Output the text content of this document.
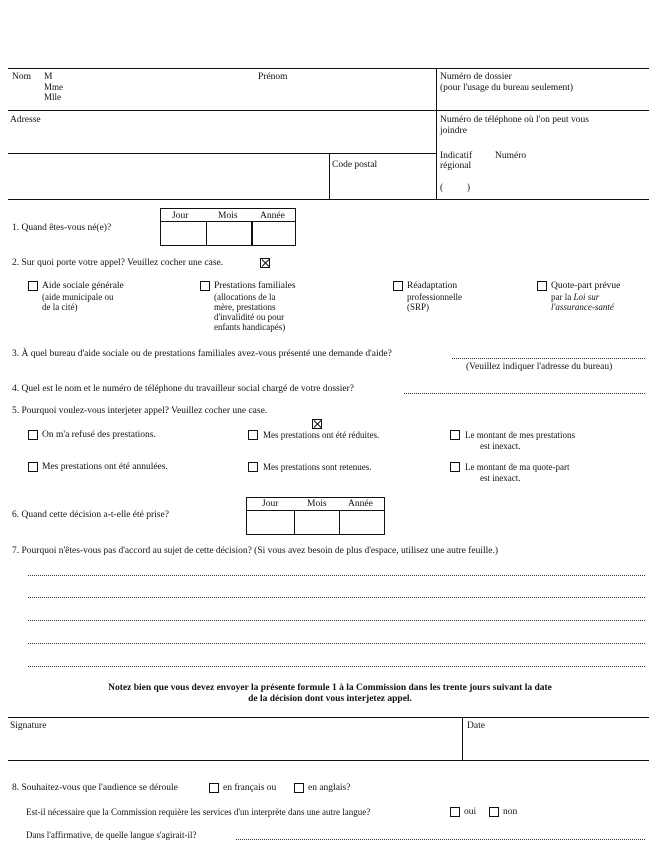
Nom M
Mme
Mlle
Prénom	Numéro de dossier
(pour l'usage du bureau seulement)
Adresse	Numéro de téléphone où l'on peut vous
joindre
Code postal
Indicatif
régional
Numéro
(          )
1. Quand êtes-vous né(e)?
Jour	Mois Année
2. Sur quoi porte votre appel? Veuillez cocher une case.
Aide sociale générale
(aide municipale ou
de la cité)
Prestations familiales
(allocations de la
mère, prestations
d'invalidité ou pour
enfants handicapés)
Réadaptation
professionnelle
(SRP)
Quote-part prévue
par la Loi sur
l'assurance-santé
3. À quel bureau d'aide sociale ou de prestations familiales avez-vous présenté une demande d'aide?
(Veuillez indiquer l'adresse du bureau)
4. Quel est le nom et le numéro de téléphone du travailleur social chargé de votre dossier?
5. Pourquoi voulez-vous interjeter appel? Veuillez cocher une case.
On m'a refusé des prestations.	Mes prestations ont été réduites.	Le montant de mes prestations
est inexact.
Mes prestations ont été annulées.	Mes prestations sont retenues.	Le montant de ma quote-part
est inexact.
6. Quand cette décision a-t-elle été prise?
Jour	Mois Année
7. Pourquoi n'êtes-vous pas d'accord au sujet de cette décision? (Si vous avez besoin de plus d'espace, utilisez une autre feuille.)
Notez bien que vous devez envoyer la présente formule 1 à la Commission dans les trente jours suivant la date
de la décision dont vous interjetez appel.
Signature	Date
8. Souhaitez-vous que l'audience se déroule	en français ou	en anglais?
Est-il nécessaire que la Commission requière les services d'un interprète dans une autre langue?	oui	non
Dans l'affirmative, de quelle langue s'agirait-il?
